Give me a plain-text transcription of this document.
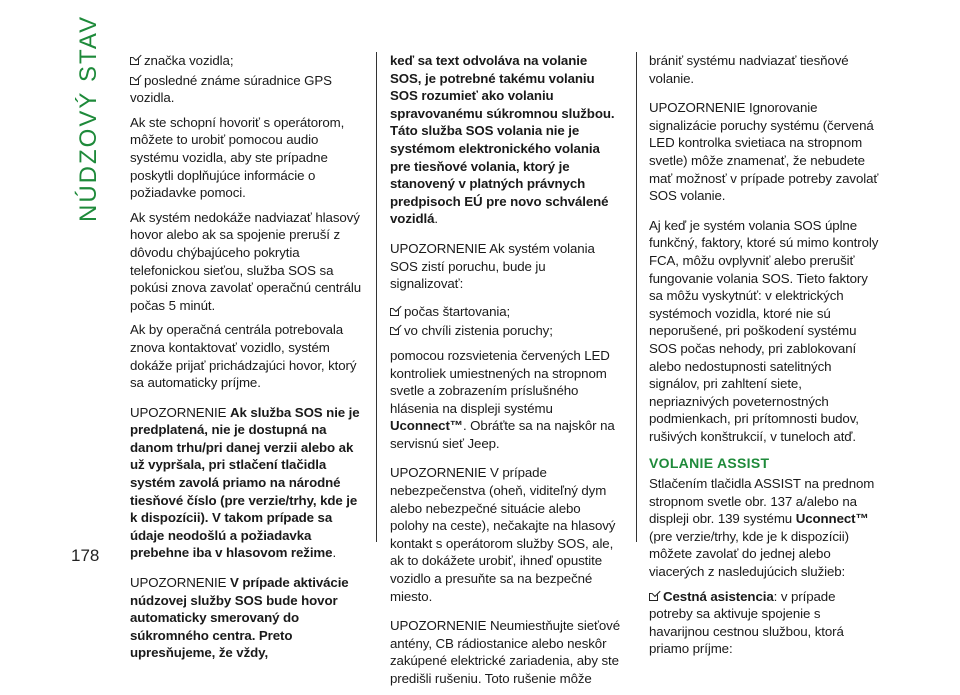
NÚDZOVÝ STAV
178

značka vozidla;

posledné známe súradnice GPS vozidla.

Ak ste schopní hovoriť s operátorom, môžete to urobiť pomocou audio systému vozidla, aby ste prípadne poskytli doplňujúce informácie o požiadavke pomoci.

Ak systém nedokáže nadviazať hlasový hovor alebo ak sa spojenie preruší z dôvodu chýbajúceho pokrytia telefonickou sieťou, služba SOS sa pokúsi znova zavolať operačnú centrálu počas 5 minút.

Ak by operačná centrála potrebovala znova kontaktovať vozidlo, systém dokáže prijať prichádzajúci hovor, ktorý sa automaticky príjme.

UPOZORNENIE Ak služba SOS nie je predplatená, nie je dostupná na danom trhu/pri danej verzii alebo ak už vypršala, pri stlačení tlačidla systém zavolá priamo na národné tiesňové číslo (pre verzie/trhy, kde je k dispozícii). V takom prípade sa údaje neodošlú a požiadavka prebehne iba v hlasovom režime.

UPOZORNENIE V prípade aktivácie núdzovej služby SOS bude hovor automaticky smerovaný do súkromného centra. Preto upresňujeme, že vždy,

keď sa text odvoláva na volanie SOS, je potrebné takému volaniu SOS rozumieť ako volaniu spravovanému súkromnou službou. Táto služba SOS volania nie je systémom elektronického volania pre tiesňové volania, ktorý je stanovený v platných právnych predpisoch EÚ pre novo schválené vozidlá.

UPOZORNENIE Ak systém volania SOS zistí poruchu, bude ju signalizovať:

počas štartovania;

vo chvíli zistenia poruchy;

pomocou rozsvietenia červených LED kontroliek umiestnených na stropnom svetle a zobrazením príslušného hlásenia na displeji systému Uconnect™. Obráťte sa na najskôr na servisnú sieť Jeep.

UPOZORNENIE V prípade nebezpečenstva (oheň, viditeľný dym alebo nebezpečné situácie alebo polohy na ceste), nečakajte na hlasový kontakt s operátorom služby SOS, ale, ak to dokážete urobiť, ihneď opustite vozidlo a presuňte sa na bezpečné miesto.

UPOZORNENIE Neumiestňujte sieťové antény, CB rádiostanice alebo neskôr zakúpené elektrické zariadenia, aby ste predišli rušeniu. Toto rušenie môže

brániť systému nadviazať tiesňové volanie.

UPOZORNENIE Ignorovanie signalizácie poruchy systému (červená LED kontrolka svietiaca na stropnom svetle) môže znamenať, že nebudete mať možnosť v prípade potreby zavolať SOS volanie.

Aj keď je systém volania SOS úplne funkčný, faktory, ktoré sú mimo kontroly FCA, môžu ovplyvniť alebo prerušiť fungovanie volania SOS. Tieto faktory sa môžu vyskytnúť: v elektrických systémoch vozidla, ktoré nie sú neporušené, pri poškodení systému SOS počas nehody, pri zablokovaní alebo nedostupnosti satelitných signálov, pri zahltení siete, nepriaznivých poveternostných podmienkach, pri prítomnosti budov, rušivých konštrukcií, v tuneloch atď.

VOLANIE ASSIST

Stlačením tlačidla ASSIST na prednom stropnom svetle obr. 137 a/alebo na displeji obr. 139 systému Uconnect™ (pre verzie/trhy, kde je k dispozícii) môžete zavolať do jednej alebo viacerých z nasledujúcich služieb:

Cestná asistencia: v prípade potreby sa aktivuje spojenie s havarijnou cestnou službou, ktorá priamo príjme:
